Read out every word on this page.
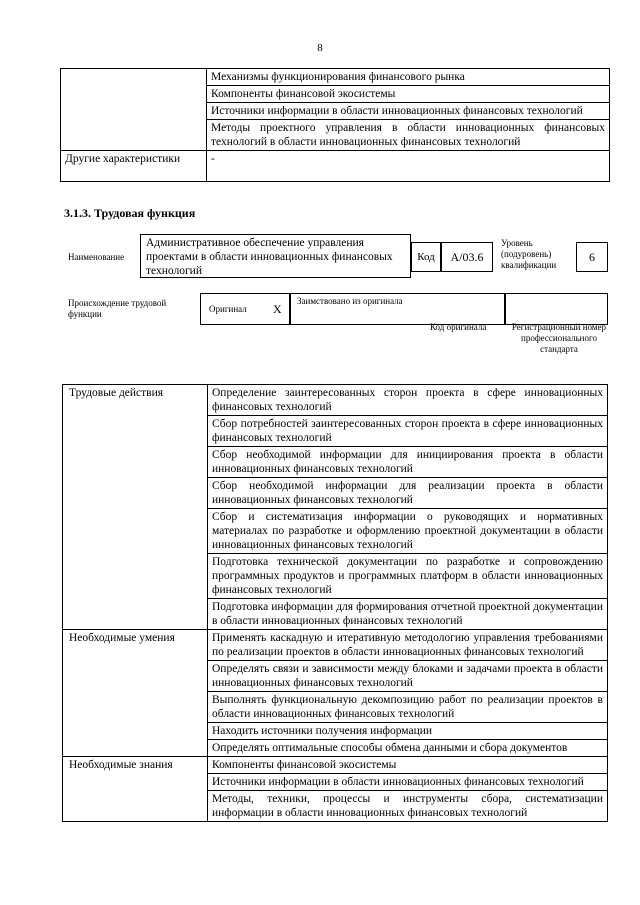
8
	Механизмы функционирования финансового рынка
	Компоненты финансовой экосистемы
	Источники информации в области инновационных финансовых технологий
	Методы проектного управления в области инновационных финансовых технологий в области инновационных финансовых технологий
Другие характеристики	-
3.1.3. Трудовая функция
Наименование
Административное обеспечение управления проектами в области инновационных финансовых технологий
Код	A/03.6
Уровень (подуровень) квалификации
6
Происхождение трудовой функции	Оригинал X
Заимствовано из оригинала
Код оригинала	Регистрационный номер профессионального стандарта
Трудовые действия	Определение заинтересованных сторон проекта в сфере инновационных финансовых технологий
	Сбор потребностей заинтересованных сторон проекта в сфере инновационных финансовых технологий
	Сбор необходимой информации для инициирования проекта в области инновационных финансовых технологий
	Сбор необходимой информации для реализации проекта в области инновационных финансовых технологий
	Сбор и систематизация информации о руководящих и нормативных материалах по разработке и оформлению проектной документации в области инновационных финансовых технологий
	Подготовка технической документации по разработке и сопровождению программных продуктов и программных платформ в области инновационных финансовых технологий
	Подготовка информации для формирования отчетной проектной документации в области инновационных финансовых технологий
Необходимые умения	Применять каскадную и итеративную методологию управления требованиями по реализации проектов в области инновационных финансовых технологий
	Определять связи и зависимости между блоками и задачами проекта в области инновационных финансовых технологий
	Выполнять функциональную декомпозицию работ по реализации проектов в области инновационных финансовых технологий
	Находить источники получения информации
	Определять оптимальные способы обмена данными и сбора документов
Необходимые знания	Компоненты финансовой экосистемы
	Источники информации в области инновационных финансовых технологий
	Методы, техники, процессы и инструменты сбора, систематизации информации в области инновационных финансовых технологий
